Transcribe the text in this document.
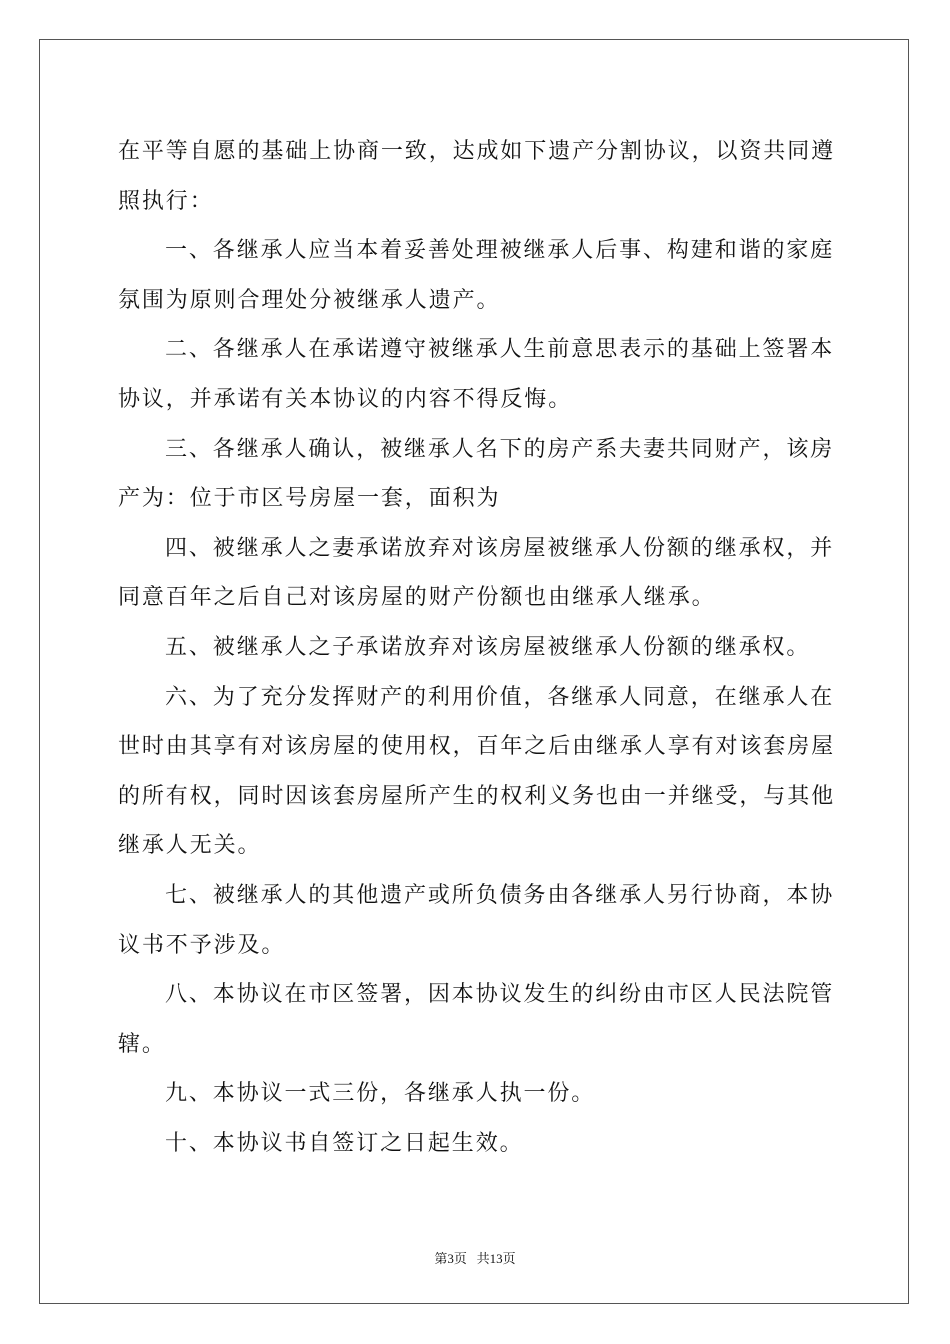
在平等自愿的基础上协商一致，达成如下遗产分割协议，以资共同遵
照执行：
一、各继承人应当本着妥善处理被继承人后事、构建和谐的家庭
氛围为原则合理处分被继承人遗产。
二、各继承人在承诺遵守被继承人生前意思表示的基础上签署本
协议，并承诺有关本协议的内容不得反悔。
三、各继承人确认，被继承人名下的房产系夫妻共同财产，该房
产为：位于市区号房屋一套，面积为
四、被继承人之妻承诺放弃对该房屋被继承人份额的继承权，并
同意百年之后自己对该房屋的财产份额也由继承人继承。
五、被继承人之子承诺放弃对该房屋被继承人份额的继承权。
六、为了充分发挥财产的利用价值，各继承人同意，在继承人在
世时由其享有对该房屋的使用权，百年之后由继承人享有对该套房屋
的所有权，同时因该套房屋所产生的权利义务也由一并继受，与其他
继承人无关。
七、被继承人的其他遗产或所负债务由各继承人另行协商，本协
议书不予涉及。
八、本协议在市区签署，因本协议发生的纠纷由市区人民法院管
辖。
九、本协议一式三份，各继承人执一份。
十、本协议书自签订之日起生效。
第3页 共13页
